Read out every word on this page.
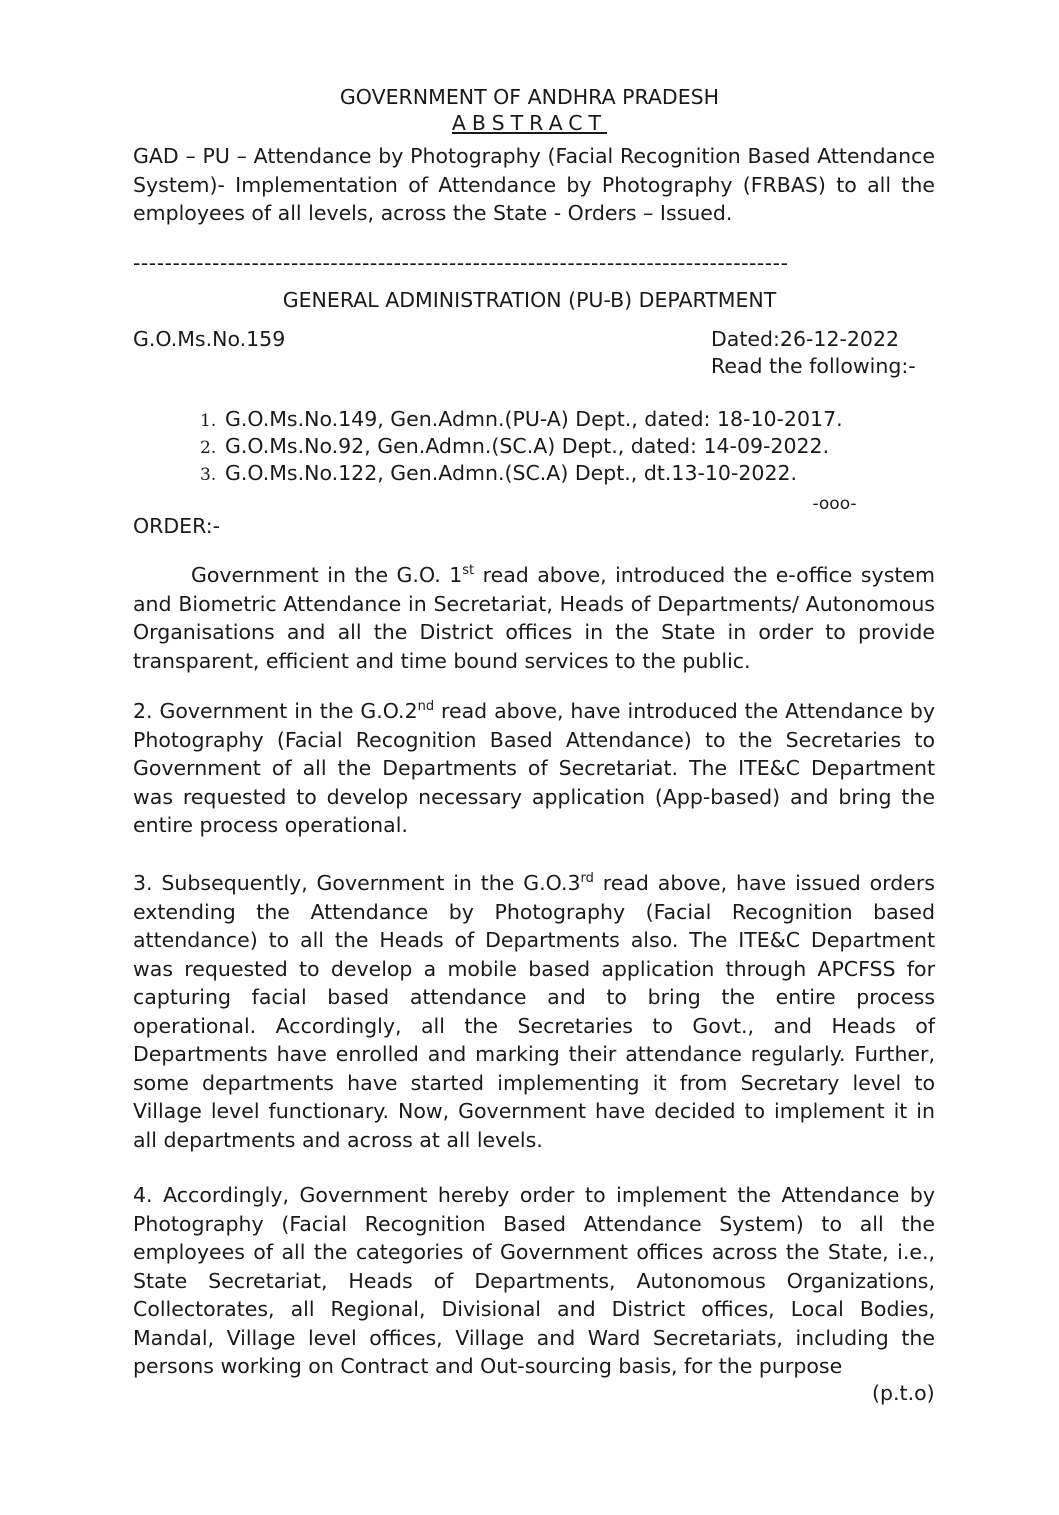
GOVERNMENT OF ANDHRA PRADESH
ABSTRACT
GAD – PU – Attendance by Photography (Facial Recognition Based Attendance System)- Implementation of Attendance by Photography (FRBAS) to all the employees of all levels, across the State - Orders – Issued.
-----------------------------------------------------------------------------------
GENERAL ADMINISTRATION (PU-B) DEPARTMENT
G.O.Ms.No.159	Dated:26-12-2022
Read the following:-
1. G.O.Ms.No.149, Gen.Admn.(PU-A) Dept., dated: 18-10-2017.
2. G.O.Ms.No.92, Gen.Admn.(SC.A) Dept., dated: 14-09-2022.
3. G.O.Ms.No.122, Gen.Admn.(SC.A) Dept., dt.13-10-2022.
-ooo-
ORDER:-

Government in the G.O. 1st read above, introduced the e-office system and Biometric Attendance in Secretariat, Heads of Departments/ Autonomous Organisations and all the District offices in the State in order to provide transparent, efficient and time bound services to the public.

2. Government in the G.O.2nd read above, have introduced the Attendance by Photography (Facial Recognition Based Attendance) to the Secretaries to Government of all the Departments of Secretariat. The ITE&C Department was requested to develop necessary application (App-based) and bring the entire process operational.

3. Subsequently, Government in the G.O.3rd read above, have issued orders extending the Attendance by Photography (Facial Recognition based attendance) to all the Heads of Departments also. The ITE&C Department was requested to develop a mobile based application through APCFSS for capturing facial based attendance and to bring the entire process operational. Accordingly, all the Secretaries to Govt., and Heads of Departments have enrolled and marking their attendance regularly. Further, some departments have started implementing it from Secretary level to Village level functionary. Now, Government have decided to implement it in all departments and across at all levels.

4. Accordingly, Government hereby order to implement the Attendance by Photography (Facial Recognition Based Attendance System) to all the employees of all the categories of Government offices across the State, i.e., State Secretariat, Heads of Departments, Autonomous Organizations, Collectorates, all Regional, Divisional and District offices, Local Bodies, Mandal, Village level offices, Village and Ward Secretariats, including the persons working on Contract and Out-sourcing basis, for the purpose

(p.t.o)
